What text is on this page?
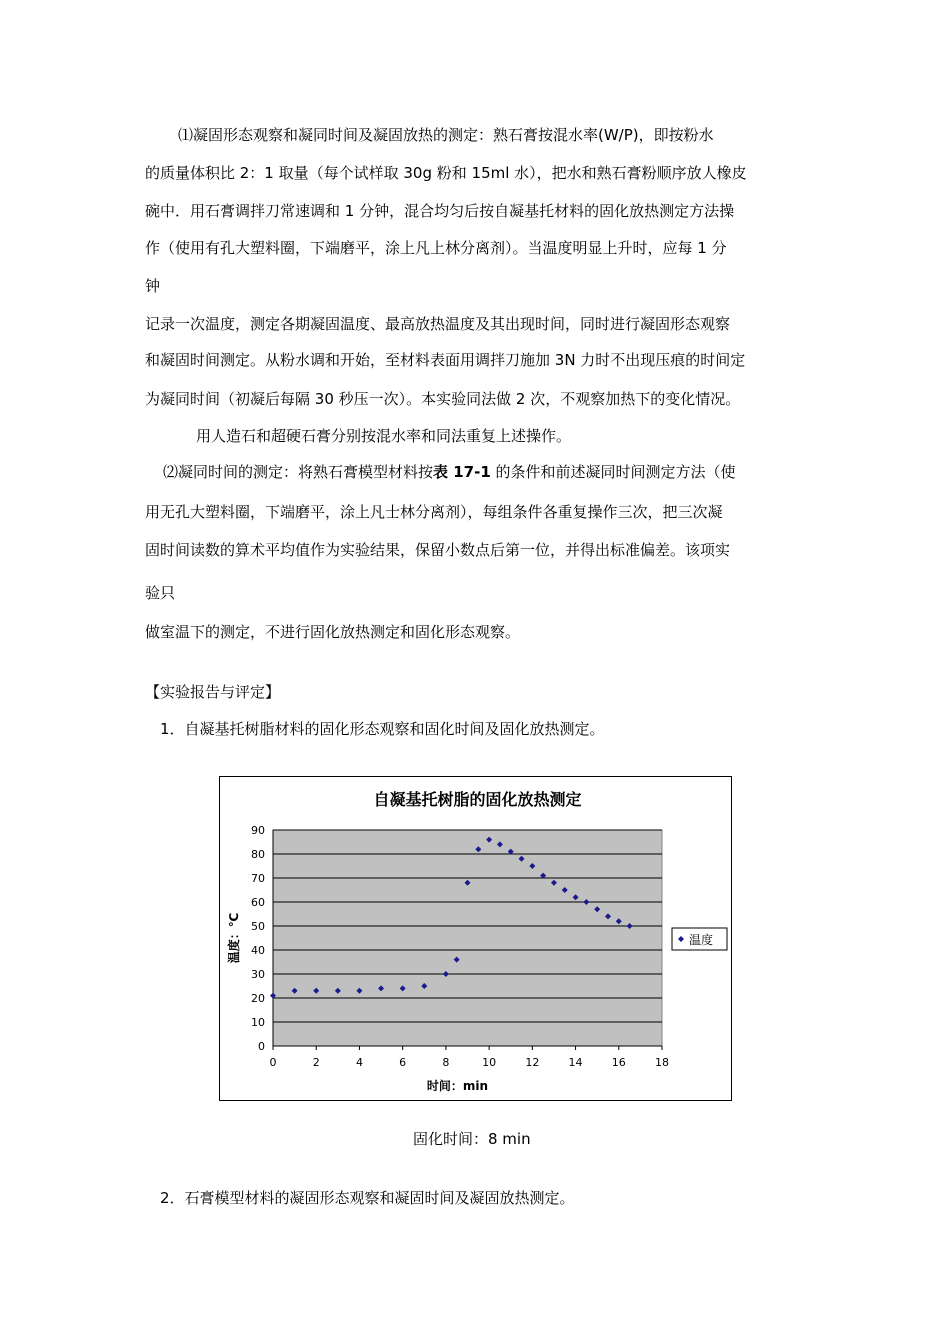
⑴凝固形态观察和凝同时间及凝固放热的测定：熟石膏按混水率(W/P)，即按粉水
的质量体积比 2：1 取量（每个试样取 30g 粉和 15ml 水），把水和熟石膏粉顺序放人橡皮
碗中．用石膏调拌刀常速调和 1 分钟，混合均匀后按自凝基托材料的固化放热测定方法操
作（使用有孔大塑料圈，下端磨平，涂上凡上林分离剂）。当温度明显上升时，应每 1 分
钟
记录一次温度，测定各期凝固温度、最高放热温度及其出现时间，同时进行凝固形态观察
和凝固时间测定。从粉水调和开始，至材料表面用调拌刀施加 3N 力时不出现压痕的时间定
为凝同时间（初凝后每隔 30 秒压一次）。本实验同法做 2 次，不观察加热下的变化情况。
用人造石和超硬石膏分别按混水率和同法重复上述操作。
⑵凝同时间的测定：将熟石膏模型材料按表 17-1 的条件和前述凝同时间测定方法（使
用无孔大塑料圈，下端磨平，涂上凡士林分离剂），每组条件各重复操作三次，把三次凝
固时间读数的算术平均值作为实验结果，保留小数点后第一位，并得出标准偏差。该项实
验只
做室温下的测定，不进行固化放热测定和固化形态观察。
【实验报告与评定】
1．自凝基托树脂材料的固化形态观察和固化时间及固化放热测定。
自凝基托树脂的固化放热测定
0
10
20
30
40
50
60
70
80
90
0	2	4	6	8	10	12	14	16	18
时间：min
温度：℃	温度
固化时间：8 min
2．石膏模型材料的凝固形态观察和凝固时间及凝固放热测定。
